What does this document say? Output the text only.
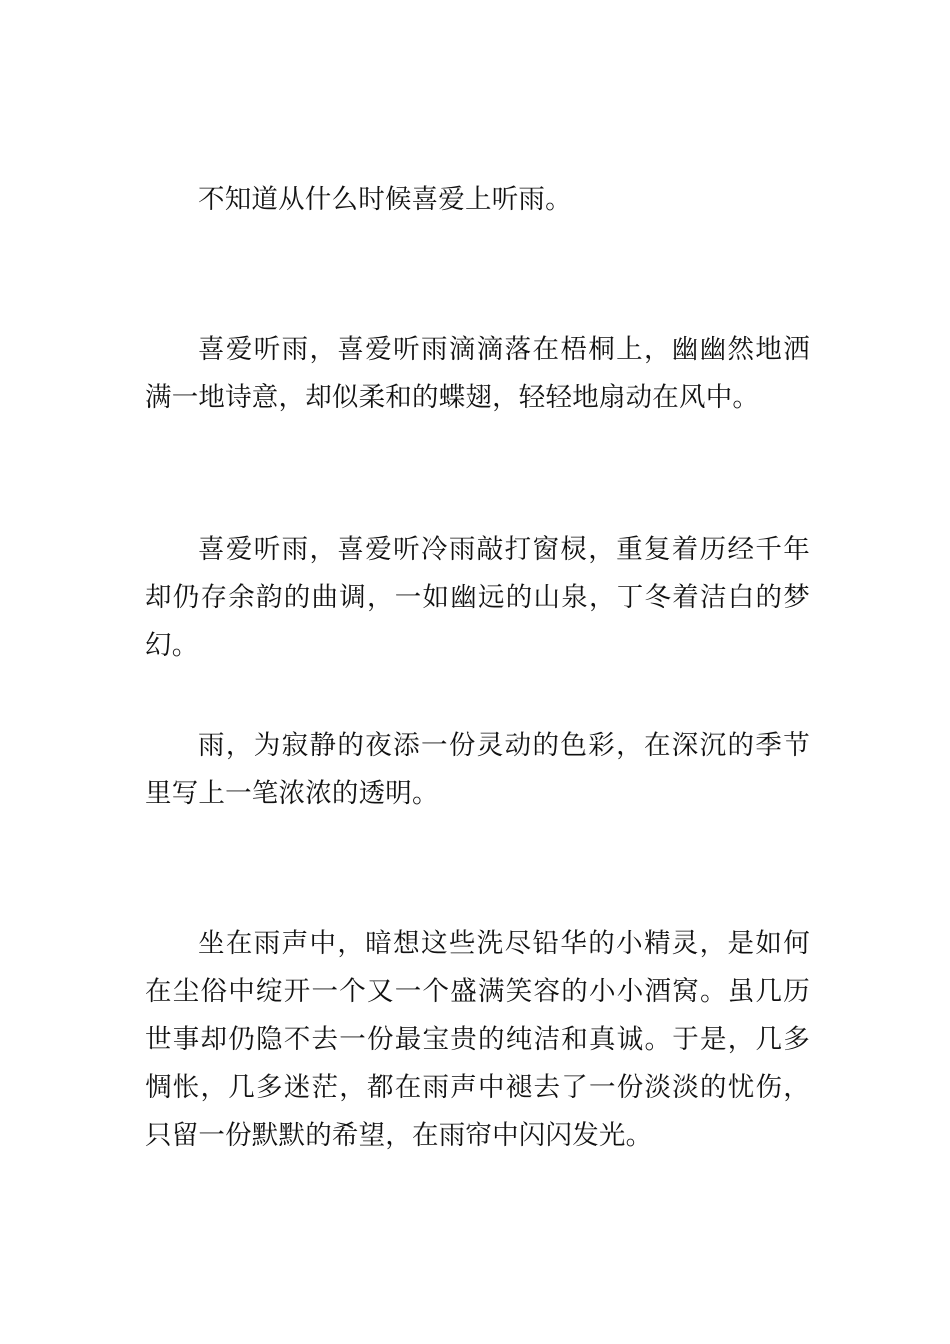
不知道从什么时候喜爱上听雨。

喜爱听雨，喜爱听雨滴滴落在梧桐上，幽幽然地洒满一地诗意，却似柔和的蝶翅，轻轻地扇动在风中。

喜爱听雨，喜爱听冷雨敲打窗棂，重复着历经千年却仍存余韵的曲调，一如幽远的山泉，丁冬着洁白的梦幻。

雨，为寂静的夜添一份灵动的色彩，在深沉的季节里写上一笔浓浓的透明。

坐在雨声中，暗想这些洗尽铅华的小精灵，是如何在尘俗中绽开一个又一个盛满笑容的小小酒窝。虽几历世事却仍隐不去一份最宝贵的纯洁和真诚。于是，几多惆怅，几多迷茫，都在雨声中褪去了一份淡淡的忧伤，只留一份默默的希望，在雨帘中闪闪发光。
